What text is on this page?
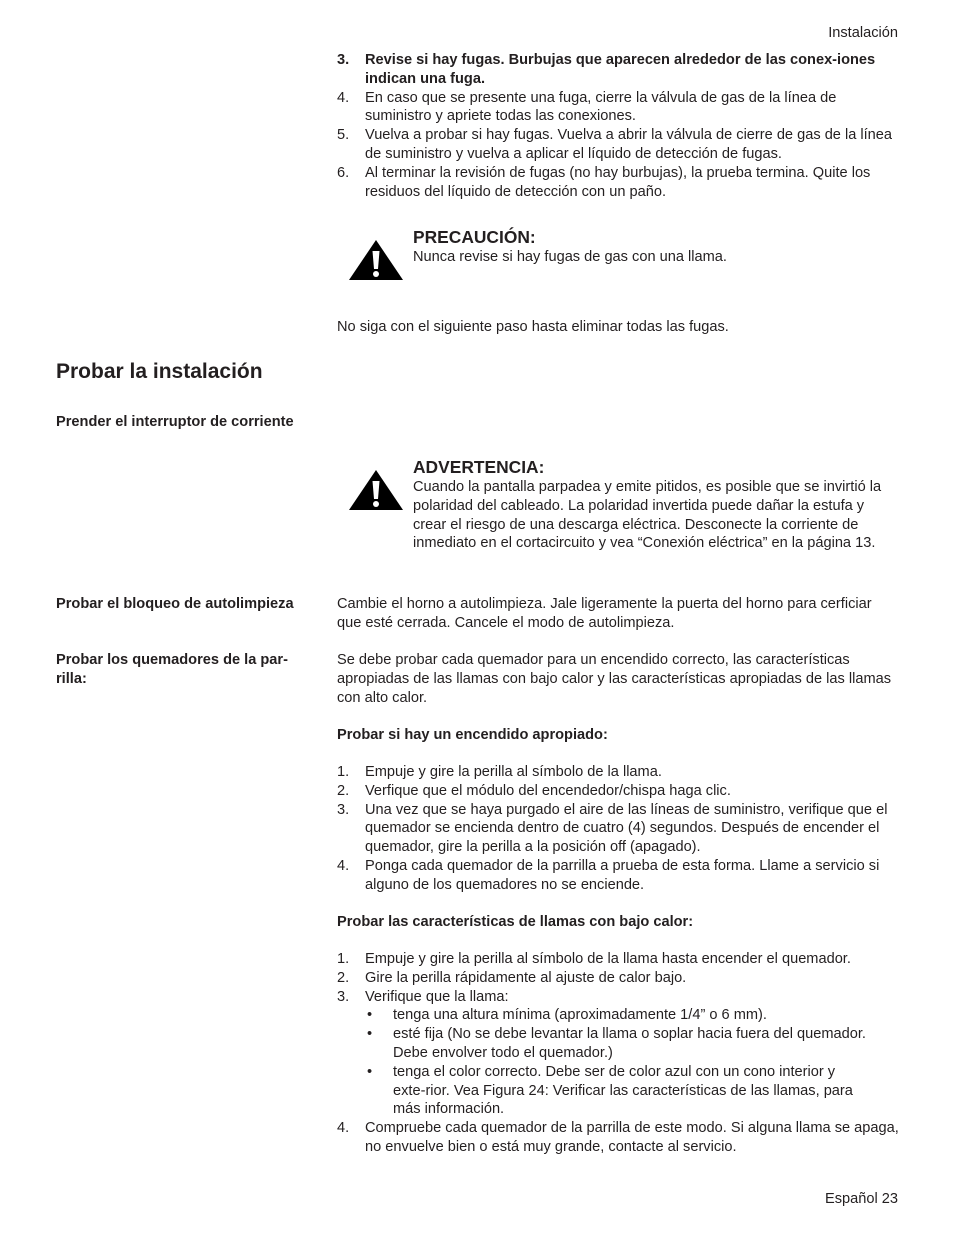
Instalación
3.	Revise si hay fugas. Burbujas que aparecen alrededor de las conex-iones indican una fuga.
4.	En caso que se presente una fuga, cierre la válvula de gas de la línea de suministro y apriete todas las conexiones.
5.	Vuelva a probar si hay fugas. Vuelva a abrir la válvula de cierre de gas de la línea de suministro y vuelva a aplicar el líquido de detección de fugas.
6.	Al terminar la revisión de fugas (no hay burbujas), la prueba termina. Quite los residuos del líquido de detección con un paño.
PRECAUCIÓN:
Nunca revise si hay fugas de gas con una llama.
No siga con el siguiente paso hasta eliminar todas las fugas.
Probar la instalación
Prender el interruptor de corriente
ADVERTENCIA:
Cuando la pantalla parpadea y emite pitidos, es posible que se invirtió la polaridad del cableado. La polaridad invertida puede dañar la estufa y crear el riesgo de una descarga eléctrica. Desconecte la corriente de inmediato en el cortacircuito y vea “Conexión eléctrica” en la página 13.
Probar el bloqueo de autolimpieza	Cambie el horno a autolimpieza. Jale ligeramente la puerta del horno para cerficiar que esté cerrada. Cancele el modo de autolimpieza.
Probar los quemadores de la par-rilla:
Se debe probar cada quemador para un encendido correcto, las características apropiadas de las llamas con bajo calor y las características apropiadas de las llamas con alto calor.
Probar si hay un encendido apropiado:
1.	Empuje y gire la perilla al símbolo de la llama.
2.	Verfique que el módulo del encendedor/chispa haga clic.
3.	Una vez que se haya purgado el aire de las líneas de suministro, verifique que el quemador se encienda dentro de cuatro (4) segundos. Después de encender el quemador, gire la perilla a la posición off (apagado).
4.	Ponga cada quemador de la parrilla a prueba de esta forma. Llame a servicio si alguno de los quemadores no se enciende.
Probar las características de llamas con bajo calor:
1.	Empuje y gire la perilla al símbolo de la llama hasta encender el quemador.
2.	Gire la perilla rápidamente al ajuste de calor bajo.
3.	Verifique que la llama:
• tenga una altura mínima (aproximadamente 1/4” o 6 mm).
• esté fija (No se debe levantar la llama o soplar hacia fuera del quemador. Debe envolver todo el quemador.)
• tenga el color correcto. Debe ser de color azul con un cono interior y exte-rior. Vea Figura 24: Verificar las características de las llamas, para más información.
4.	Compruebe cada quemador de la parrilla de este modo. Si alguna llama se apaga, no envuelve bien o está muy grande, contacte al servicio.
Español 23
